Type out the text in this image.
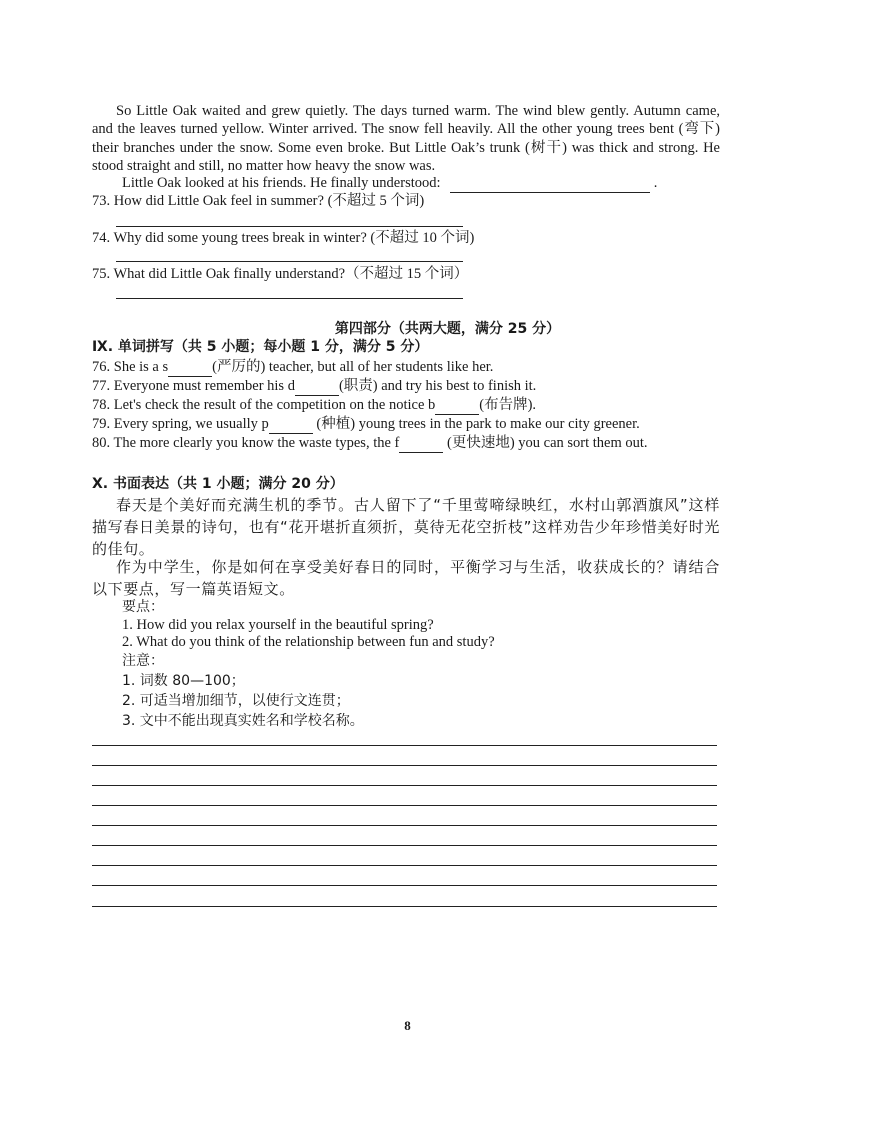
So Little Oak waited and grew quietly. The days turned warm. The wind blew gently. Autumn came, and the leaves turned yellow. Winter arrived. The snow fell heavily. All the other young trees bent (弯下) their branches under the snow. Some even broke. But Little Oak’s trunk (树干) was thick and strong. He stood straight and still, no matter how heavy the snow was.
Little Oak looked at his friends. He finally understood:	.
73. How did Little Oak feel in summer? (不超过 5 个词)
74. Why did some young trees break in winter? (不超过 10 个词)
75. What did Little Oak finally understand?（不超过 15 个词）
第四部分（共两大题，满分 25 分）
Ⅸ. 单词拼写（共 5 小题；每小题 1 分，满分 5 分）
76. She is a s	(严厉的) teacher, but all of her students like her.
77. Everyone must remember his d	(职责) and try his best to finish it.
78. Let's check the result of the competition on the notice b	(布告牌).
79. Every spring, we usually p	(种植) young trees in the park to make our city greener.
80. The more clearly you know the waste types, the f	(更快速地) you can sort them out.
X. 书面表达（共 1 小题；满分 20 分）
春天是个美好而充满生机的季节。古人留下了“千里莺啼绿映红，水村山郭酒旗风”这样描写春日美景的诗句，也有“花开堪折直须折，莫待无花空折枝”这样劝告少年珍惜美好时光的佳句。
作为中学生，你是如何在享受美好春日的同时，平衡学习与生活，收获成长的？请结合以下要点，写一篇英语短文。
要点：
1. How did you relax yourself in the beautiful spring?
2. What do you think of the relationship between fun and study?
注意：
1. 词数 80—100；
2. 可适当增加细节，以使行文连贯；
3. 文中不能出现真实姓名和学校名称。
8
